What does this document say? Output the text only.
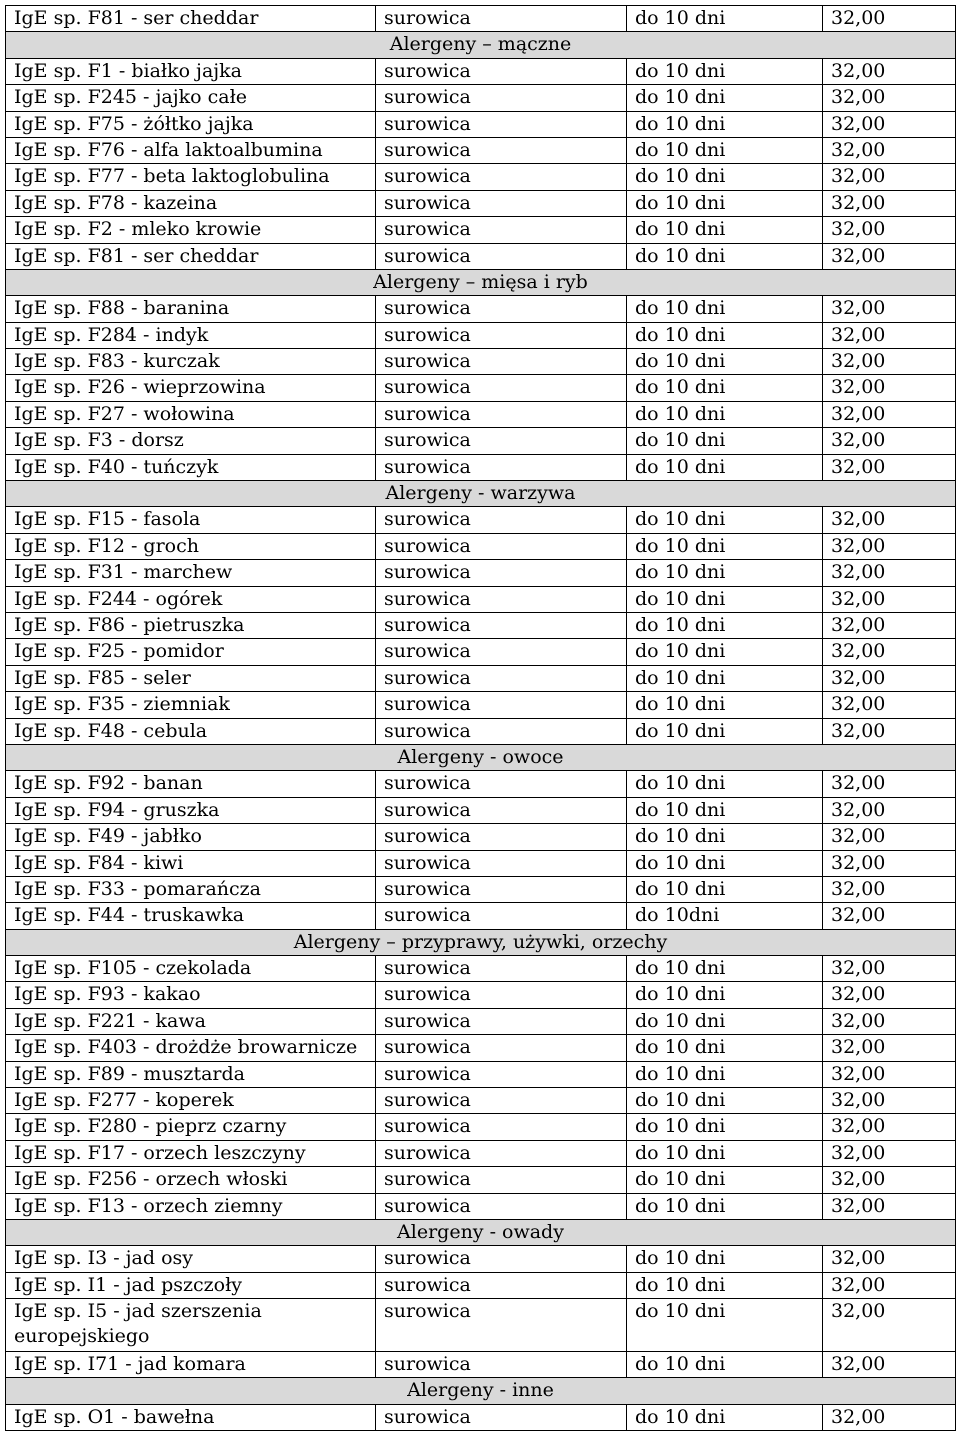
IgE sp. F81 - ser cheddar	surowica	do 10 dni	32,00
Alergeny – mączne			
IgE sp. F1 - białko jajka	surowica	do 10 dni	32,00
IgE sp. F245 - jajko całe	surowica	do 10 dni	32,00
IgE sp. F75 - żółtko jajka	surowica	do 10 dni	32,00
IgE sp. F76 - alfa laktoalbumina	surowica	do 10 dni	32,00
IgE sp. F77 - beta laktoglobulina	surowica	do 10 dni	32,00
IgE sp. F78 - kazeina	surowica	do 10 dni	32,00
IgE sp. F2 - mleko krowie	surowica	do 10 dni	32,00
IgE sp. F81 - ser cheddar	surowica	do 10 dni	32,00
Alergeny – mięsa i ryb			
IgE sp. F88 - baranina	surowica	do 10 dni	32,00
IgE sp. F284 - indyk	surowica	do 10 dni	32,00
IgE sp. F83 - kurczak	surowica	do 10 dni	32,00
IgE sp. F26 - wieprzowina	surowica	do 10 dni	32,00
IgE sp. F27 - wołowina	surowica	do 10 dni	32,00
IgE sp. F3 - dorsz	surowica	do 10 dni	32,00
IgE sp. F40 - tuńczyk	surowica	do 10 dni	32,00
Alergeny - warzywa			
IgE sp. F15 - fasola	surowica	do 10 dni	32,00
IgE sp. F12 - groch	surowica	do 10 dni	32,00
IgE sp. F31 - marchew	surowica	do 10 dni	32,00
IgE sp. F244 - ogórek	surowica	do 10 dni	32,00
IgE sp. F86 - pietruszka	surowica	do 10 dni	32,00
IgE sp. F25 - pomidor	surowica	do 10 dni	32,00
IgE sp. F85 - seler	surowica	do 10 dni	32,00
IgE sp. F35 - ziemniak	surowica	do 10 dni	32,00
IgE sp. F48 - cebula	surowica	do 10 dni	32,00
Alergeny - owoce			
IgE sp. F92 - banan	surowica	do 10 dni	32,00
IgE sp. F94 - gruszka	surowica	do 10 dni	32,00
IgE sp. F49 - jabłko	surowica	do 10 dni	32,00
IgE sp. F84 - kiwi	surowica	do 10 dni	32,00
IgE sp. F33 - pomarańcza	surowica	do 10 dni	32,00
IgE sp. F44 - truskawka	surowica	do 10dni	32,00
Alergeny – przyprawy, używki, orzechy			
IgE sp. F105 - czekolada	surowica	do 10 dni	32,00
IgE sp. F93 - kakao	surowica	do 10 dni	32,00
IgE sp. F221 - kawa	surowica	do 10 dni	32,00
IgE sp. F403 - drożdże browarnicze	surowica	do 10 dni	32,00
IgE sp. F89 - musztarda	surowica	do 10 dni	32,00
IgE sp. F277 - koperek	surowica	do 10 dni	32,00
IgE sp. F280 - pieprz czarny	surowica	do 10 dni	32,00
IgE sp. F17 - orzech leszczyny	surowica	do 10 dni	32,00
IgE sp. F256 - orzech włoski	surowica	do 10 dni	32,00
IgE sp. F13 - orzech ziemny	surowica	do 10 dni	32,00
Alergeny - owady			
IgE sp. I3 - jad osy	surowica	do 10 dni	32,00
IgE sp. I1 - jad pszczoły	surowica	do 10 dni	32,00
IgE sp. I5 - jad szerszenia europejskiego	surowica	do 10 dni	32,00
IgE sp. I71 - jad komara	surowica	do 10 dni	32,00
Alergeny - inne			
IgE sp. O1 - bawełna	surowica	do 10 dni	32,00
